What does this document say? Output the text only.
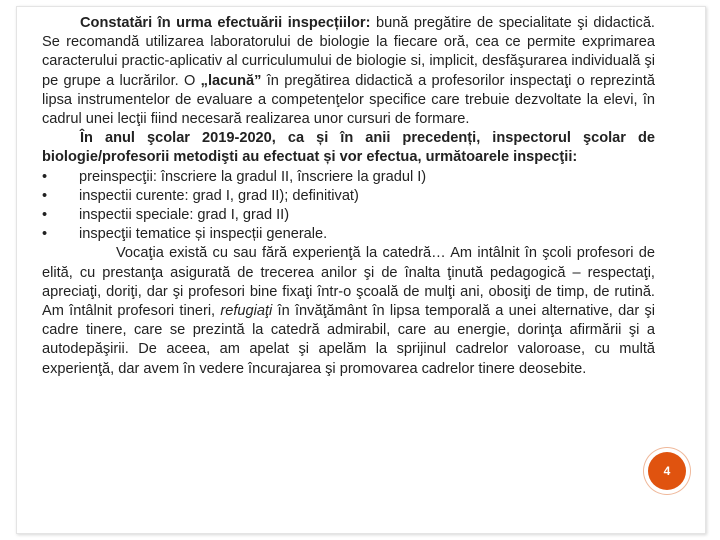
Constatări în urma efectuării inspecțiilor: bună pregătire de specialitate şi didactică. Se recomandă utilizarea laboratorului de biologie la fiecare oră, cea ce permite exprimarea caracterului practic-aplicativ al curriculumului de biologie si, implicit, desfăşurarea individuală şi pe grupe a lucrărilor. O „lacună” în pregătirea didactică a profesorilor inspectaţi o reprezintă lipsa instrumentelor de evaluare a competenţelor specifice care trebuie dezvoltate la elevi, în cadrul unei lecţii fiind necesară realizarea unor cursuri de formare.

În anul şcolar 2019-2020, ca și în anii precedenți, inspectorul şcolar de biologie/profesorii metodişti au efectuat și vor efectua, următoarele inspecţii:

• preinspecţii: înscriere la gradul II, înscriere la gradul I)
• inspectii curente: grad I, grad II); definitivat)
• inspectii speciale: grad I, grad II)
• inspecţii tematice și inspecții generale.

Vocaţia există cu sau fără experienţă la catedră… Am intâlnit în şcoli profesori de elită, cu prestanţa asigurată de trecerea anilor şi de înalta ţinută pedagogică – respectaţi, apreciaţi, doriţi, dar şi profesori bine fixaţi într-o şcoală de mulţi ani, obosiţi de timp, de rutină. Am întâlnit profesori tineri, refugiaţi în învăţământ în lipsa temporală a unei alternative, dar şi cadre tinere, care se prezintă la catedră admirabil, care au energie, dorinţa afirmării şi a autodepăşirii. De aceea, am apelat şi apelăm la sprijinul cadrelor valoroase, cu multă experienţă, dar avem în vedere încurajarea şi promovarea cadrelor tinere deosebite.

4
